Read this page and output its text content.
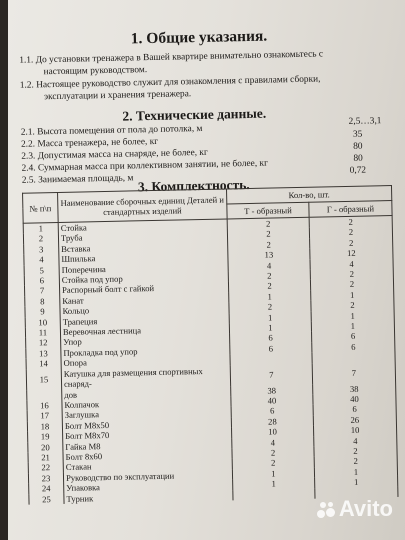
1. Общие указания.
1.1. До установки тренажера в Вашей квартире внимательно ознакомьтесь с
настоящим руководством.
1.2. Настоящее руководство служит для ознакомления с правилами сборки,
эксплуатации и хранения тренажера.
2. Технические данные.
2.1. Высота помещения от пола до потолка, м
2,5…3,1
2.2. Масса тренажера, не более, кг
35
2.3. Допустимая масса на снаряде, не более, кг
80
2.4. Суммарная масса при коллективном занятии, не более, кг	80
2.5. Занимаемая площадь, м
0,72
3. Комплектность.
№ п\п	Наименование сборочных единиц Деталей и стандартных изделий	Кол-во, шт.	
		Т - образный	Г - образный
1	Стойка	2	2
2	Труба	2	2
3	Вставка	2	2
4	Шпилька	13	12
5	Поперечина	4	4
6	Стойка под упор	2	2
7	Распорный болт с гайкой	2	2
8	Канат	1	1
9	Кольцо	2	2
10	Трапеция	1	1
11	Веревочная лестница	1	1
12	Упор	6	6
13	Прокладка под упор	6	6
14	Опора		
15	Катушка для размещения спортивных снаряд-	7	7
	дов	38	38
16	Колпачок	40	40
17	Заглушка	6	6
18	Болт М8х50	28	26
19	Болт М8х70	10	10
20	Гайка М8	4	4
21	Болт 8х60	2	2
22	Стакан	2	2
23	Руководство по эксплуатации	1	1
24	Упаковка	1	1
25	Турник			Avito
